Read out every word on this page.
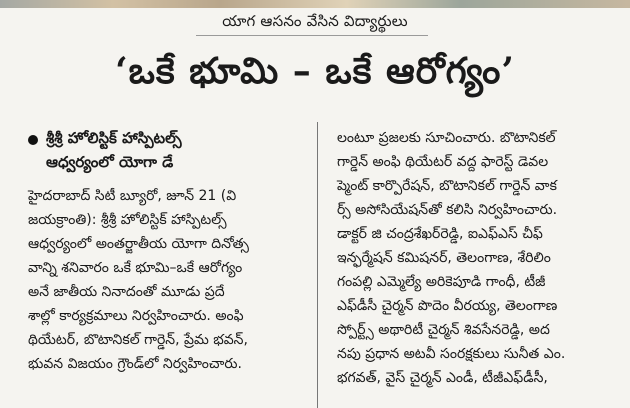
యాగ ఆసనం వేసిన విద్యార్థులు
‘ఒకే భూమి – ఒకే ఆరోగ్యం’
శ్రీశ్రీ హోలిస్టిక్ హాస్పిటల్స్
ఆధ్వర్యంలో యోగా డే
హైదరాబాద్ సిటీ బ్యూరో, జూన్ 21 (వి
జయక్రాంతి): శ్రీశ్రీ హోలిస్టిక్ హాస్పిటల్స్
ఆధ్వర్యంలో అంతర్జాతీయ యోగా దినోత్స
వాన్ని శనివారం ఒకే భూమి–ఒకే ఆరోగ్యం
అనే జాతీయ నినాదంతో మూడు ప్రదే
శాల్లో కార్యక్రమాలు నిర్వహించారు. అంఫి
థియేటర్, బొటానికల్ గార్డెన్, ప్రేమ భవన్,
భువన విజయం గ్రౌండ్‌లో నిర్వహించారు.
లంటూ ప్రజలకు సూచించారు. బొటానికల్
గార్డెన్ అంఫి థియేటర్ వద్ద ఫారెస్ట్ డెవల
ప్మెంట్ కార్పొరేషన్, బొటానికల్ గార్డెన్ వాక
ర్స్ అసోసియేషన్‌తో కలిసి నిర్వహించారు.
డాక్టర్ జి చంద్రశేఖర్‌రెడ్డి, ఐఎఫ్ఎస్ చీఫ్
ఇన్ఫర్మేషన్ కమిషనర్, తెలంగాణ, శేరిలిం
గంపల్లి ఎమ్మెల్యే అరికెపూడి గాంధీ, టీజీ
ఎఫ్‌డీసీ చైర్మన్ పొదెం వీరయ్య, తెలంగాణ
స్పోర్ట్స్ అథారిటీ చైర్మన్ శివసేనరెడ్డి, అద
నపు ప్రధాన అటవీ సంరక్షకులు సునీత ఎం.
భగవత్, వైస్ చైర్మన్ ఎండీ, టీజీఎఫ్‌డీసీ,
